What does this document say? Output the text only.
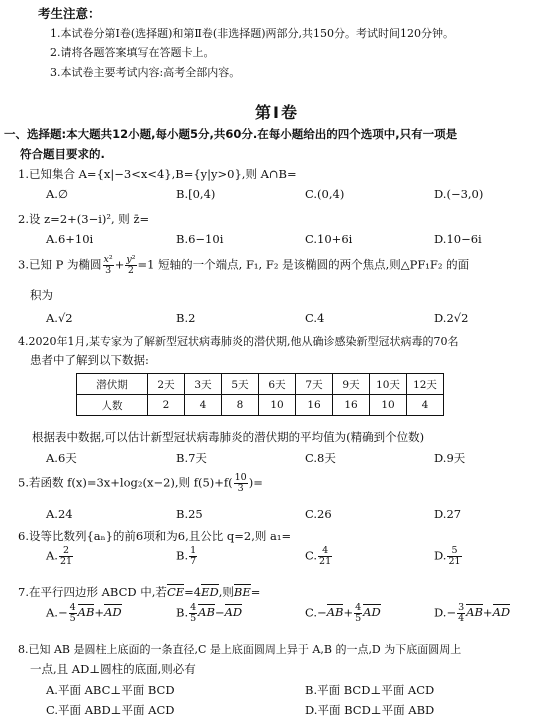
考生注意：
1.本试卷分第Ⅰ卷(选择题)和第Ⅱ卷(非选择题)两部分,共150分。考试时间120分钟。
2.请将各题答案填写在答题卡上。
3.本试卷主要考试内容:高考全部内容。
第Ⅰ卷
一、选择题:本大题共12小题,每小题5分,共60分.在每小题给出的四个选项中,只有一项是
符合题目要求的.
1.已知集合 A={x|−3<x<4},B={y|y>0},则 A∩B=
A.∅	B.[0,4)	C.(0,4)	D.(−3,0)
2.设 z=2+(3−i)², 则 z̄=
A.6+10i	B.6−10i	C.10+6i	D.10−6i
3.已知 P 为椭圆 $\frac{\text{x²}}{3} + \frac{\text{y²}}{2} =1$ 短轴的一个端点, F₁, F₂ 是该椭圆的两个焦点,则△PF₁F₂ 的面
积为
A.√2	B.2	C.4	D.2√2
4.2020年1月,某专家为了解新型冠状病毒肺炎的潜伏期,他从确诊感染新型冠状病毒的70名
患者中了解到以下数据:
潜伏期	2天	3天	5天	6天	7天	9天	10天	12天
人数	2	4	8	10	16	16	10	4
根据表中数据,可以估计新型冠状病毒肺炎的潜伏期的平均值为(精确到个位数)
A.6天	B.7天	C.8天	D.9天
5.若函数 f(x)=3x+log₂(x−2),则 $f(5)+f( \frac{10}{3}$ )=
A.24	B.25	C.26	D.27
6.设等比数列{aₙ}的前6项和为6,且公比 q=2,则 a₁=
A. $\frac{2}{21}$	B. $\frac{1}{7}$	C. $\frac{4}{21}$	D. $\frac{5}{21}$
7.在平行四边形 ABCD 中,若CE=4ED,则BE=
$A.- \frac{4}{5} AB+AD$	B. $\frac{4}{5} AB-AD$	$C.-AB+ \frac{4}{5}$ AD	$D.- \frac{3}{4} AB+AD$
8.已知 AB 是圆柱上底面的一条直径,C 是上底面圆周上异于 A,B 的一点,D 为下底面圆周上
一点,且 AD⊥圆柱的底面,则必有
A.平面 ABC⊥平面 BCD	B.平面 BCD⊥平面 ACD
C.平面 ABD⊥平面 ACD	D.平面 BCD⊥平面 ABD
